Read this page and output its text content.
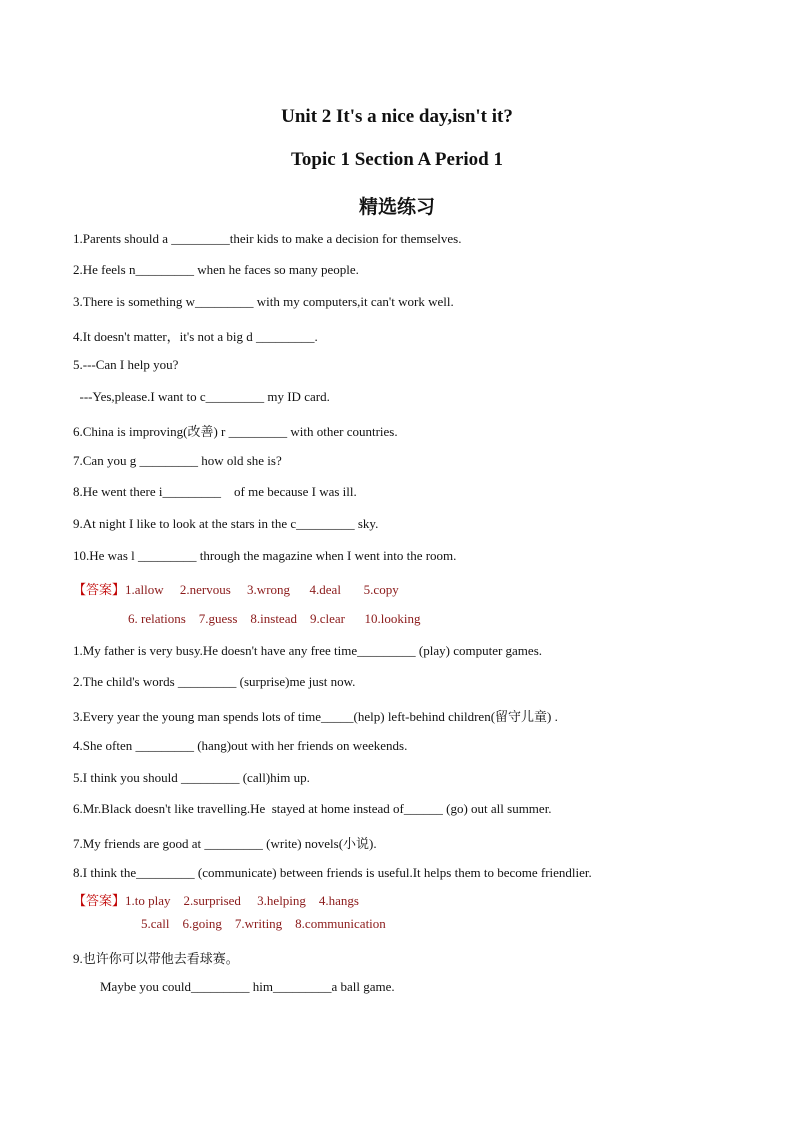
Unit 2 It's a nice day,isn't it?
Topic 1 Section A Period 1
精选练习
1.Parents should a _________their kids to make a decision for themselves.
2.He feels n_________ when he faces so many people.
3.There is something w_________ with my computers,it can't work well.
4.It doesn't matter，it's not a big d _________.
5.---Can I help you?
---Yes,please.I want to c_________ my ID card.
6.China is improving(改善) r _________ with other countries.
7.Can you g _________ how old she is?
8.He went there i_________    of me because I was ill.
9.At night I like to look at the stars in the c_________ sky.
10.He was l _________ through the magazine when I went into the room.
【答案】1.allow     2.nervous     3.wrong      4.deal       5.copy
6. relations    7.guess    8.instead    9.clear      10.looking
1.My father is very busy.He doesn't have any free time_________ (play) computer games.
2.The child's words _________ (surprise)me just now.
3.Every year the young man spends lots of time_____(help) left-behind children(留守儿童) .
4.She often _________ (hang)out with her friends on weekends.
5.I think you should _________ (call)him up.
6.Mr.Black doesn't like travelling.He  stayed at home instead of______ (go) out all summer.
7.My friends are good at _________ (write) novels(小说).
8.I think the_________ (communicate) between friends is useful.It helps them to become friendlier.
【答案】1.to play    2.surprised     3.helping    4.hangs
5.call    6.going    7.writing    8.communication
9.也许你可以带他去看球赛。
Maybe you could_________ him_________a ball game.
